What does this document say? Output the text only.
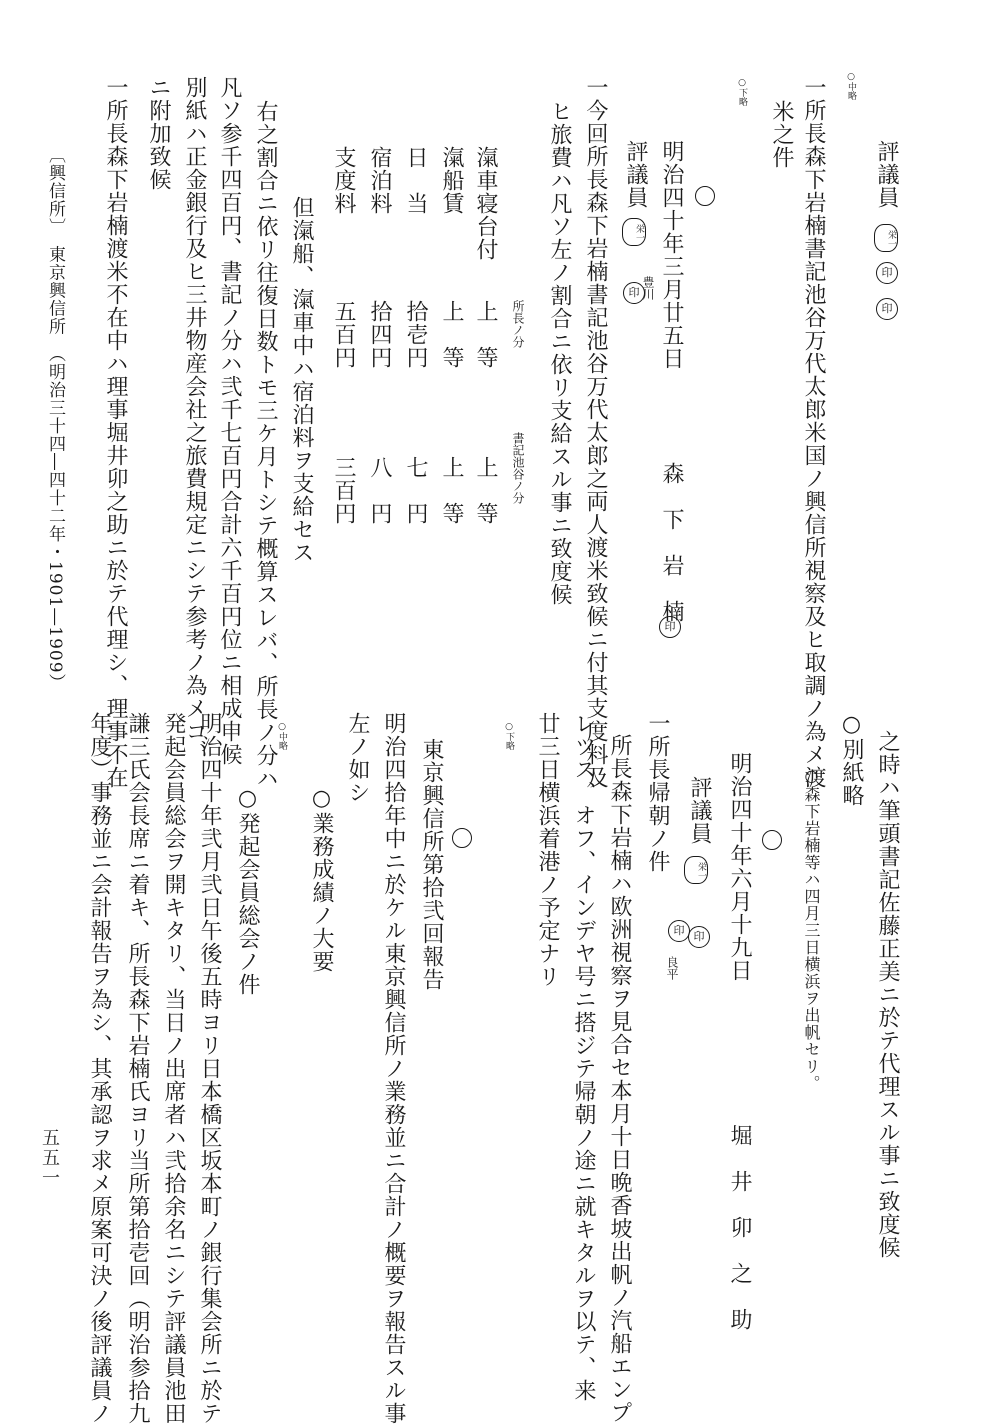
○中略
評議員
栄一
印
印
一所長森下岩楠書記池谷万代太郎米国ノ興信所視察及ヒ取調ノ為メ渡
米之件
○下略
明治四十年三月廿五日
評議員
栄一
豊川
印
森　下　岩　楠
印
一今回所長森下岩楠書記池谷万代太郎之両人渡米致候ニ付其支度料及
ヒ旅費ハ凡ソ左ノ割合ニ依リ支給スル事ニ致度候
所長ノ分
書記池谷ノ分
滊車寝台付
上　等
上　等
滊船賃
上　等
上　等
日　当
拾壱円
七　円
宿泊料
拾四円
八　円
支度料
五百円
三百円
但滊船、滊車中ハ宿泊料ヲ支給セス
右之割合ニ依リ往復日数トモ三ケ月トシテ概算スレバ、所長ノ分ハ
凡ソ参千四百円、書記ノ分ハ弐千七百円合計六千百円位ニ相成申候
別紙ハ正金銀行及ヒ三井物産会社之旅費規定ニシテ参考ノ為メコ、
ニ附加致候
一所長森下岩楠渡米不在中ハ理事堀井卯之助ニ於テ代理シ、理事不在
〔興信所〕　東京興信所　（明治三十四―四十二年・1901―1909）
之時ハ筆頭書記佐藤正美ニ於テ代理スル事ニ致度候
○別紙略
○森下岩楠等ハ四月三日横浜ヲ出帆セリ。
明治四十年六月十九日
堀　井　卯　之　助
評議員
栄一
印 印
良平
一所長帰朝ノ件
所長森下岩楠ハ欧洲視察ヲ見合セ本月十日晩香坡出帆ノ汽船エンプ
レツス、オフ、インデヤ号ニ搭ジテ帰朝ノ途ニ就キタルヲ以テ、来
廿三日横浜着港ノ予定ナリ
○下略
東京興信所第拾弐回報告
明治四拾年中ニ於ケル東京興信所ノ業務並ニ合計ノ概要ヲ報告スル事
左ノ如シ
○業務成績ノ大要
○中略
○発起会員総会ノ件
明治四十年弐月弐日午後五時ヨリ日本橋区坂本町ノ銀行集会所ニ於テ
発起会員総会ヲ開キタリ、当日ノ出席者ハ弐拾余名ニシテ評議員池田
謙三氏会長席ニ着キ、所長森下岩楠氏ヨリ当所第拾壱回（明治参拾九
年度）事務並ニ会計報告ヲ為シ、其承認ヲ求メ原案可決ノ後評議員ノ
五五一
